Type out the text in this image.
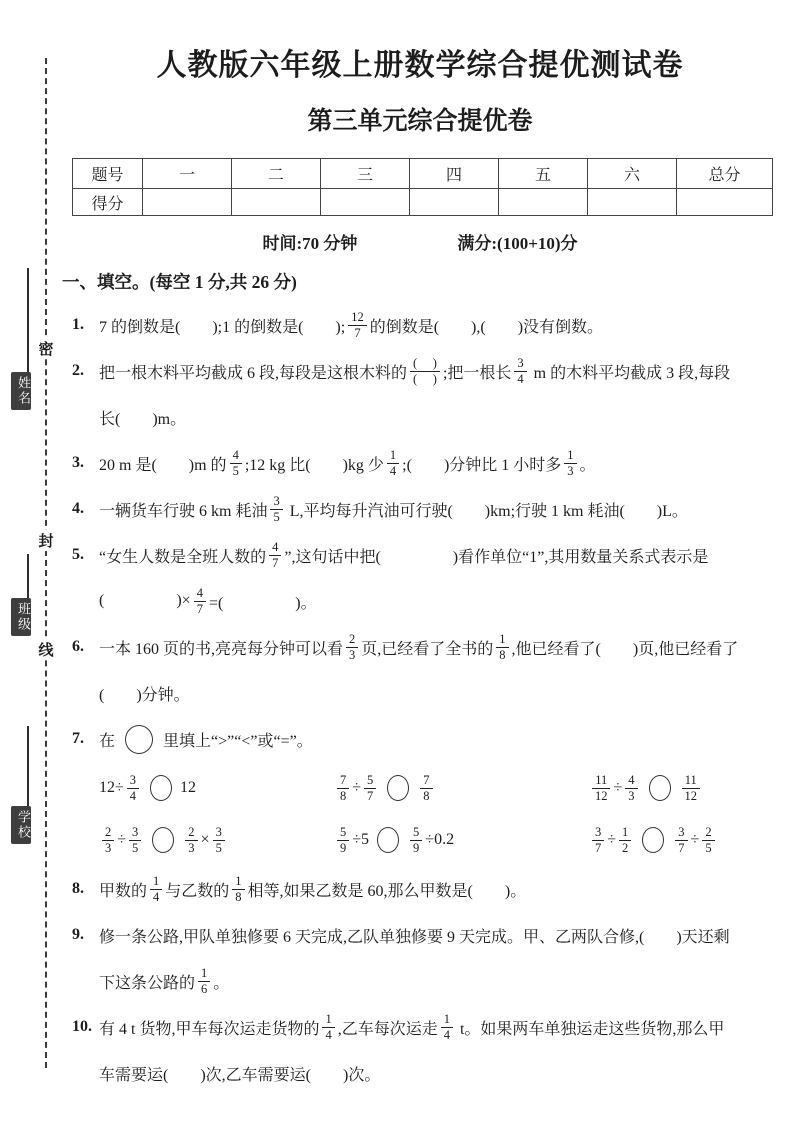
密
封
线
姓名
班级
学校
人教版六年级上册数学综合提优测试卷
第三单元综合提优卷
题号	一	二	三	四	五	六	总分
得分							
时间:70 分钟	满分:(100+10)分
一、填空。(每空 1 分,共 26 分)
1. 7 的倒数是(        );1 的倒数是(        ); $\frac{12}{7}$ 的倒数是(        ),(        )没有倒数。
2. 把一根木料平均截成 6 段,每段是这根木料的 $\frac{( )}{( )}$ ;把一根长 $\frac{3}{4}$ m 的木料平均截成 3 段,每段
长(        )m。
3. 20 m 是(        )m 的 $\frac{4}{5}$ ;12 kg 比(        )kg 少 $\frac{1}{4}$ ;(        )分钟比 1 小时多 $\frac{1}{3}$ 。
4. 一辆货车行驶 6 km 耗油 $\frac{3}{5} L$,平均每升汽油可行驶(        )km;行驶 1 km 耗油(        )L。
5. “女生人数是全班人数的 $\frac{4}{7}$ ”,这句话中把(                  )看作单位“1”,其用数量关系式表示是
(                  )× $\frac{4}{7}$ =(                  )。
6. 一本 160 页的书,亮亮每分钟可以看 $\frac{2}{3}$ 页,已经看了全书的 $\frac{1}{8}$ ,他已经看了(        )页,他已经看了
(        )分钟。
7. 在	里填上“>”“<”或“=”。
$12\div \frac{3}{4}$	12	$\frac{7}{8} \div \frac{5}{7}$	$\frac{7}{8}$	$\frac{11}{12} \div \frac{4}{3}$	$\frac{11}{12}$
$\frac{2}{3} \div \frac{3}{5}$	$\frac{2}{3} \times \frac{3}{5}$	$\frac{5}{9} \div 5$	$\frac{5}{9} \div 0.2$	$\frac{3}{7} \div \frac{1}{2}$	$\frac{3}{7} \div \frac{2}{5}$
8. 甲数的 $\frac{1}{4}$ 与乙数的 $\frac{1}{8}$ 相等,如果乙数是 60,那么甲数是(        )。
9. 修一条公路,甲队单独修要 6 天完成,乙队单独修要 9 天完成。甲、乙两队合修,(        )天还剩
下这条公路的 $\frac{1}{6}$ 。
10. 有 4 t 货物,甲车每次运走货物的 $\frac{1}{4}$ ,乙车每次运走 $\frac{1}{4}$ t。如果两车单独运走这些货物,那么甲
车需要运(        )次,乙车需要运(        )次。
